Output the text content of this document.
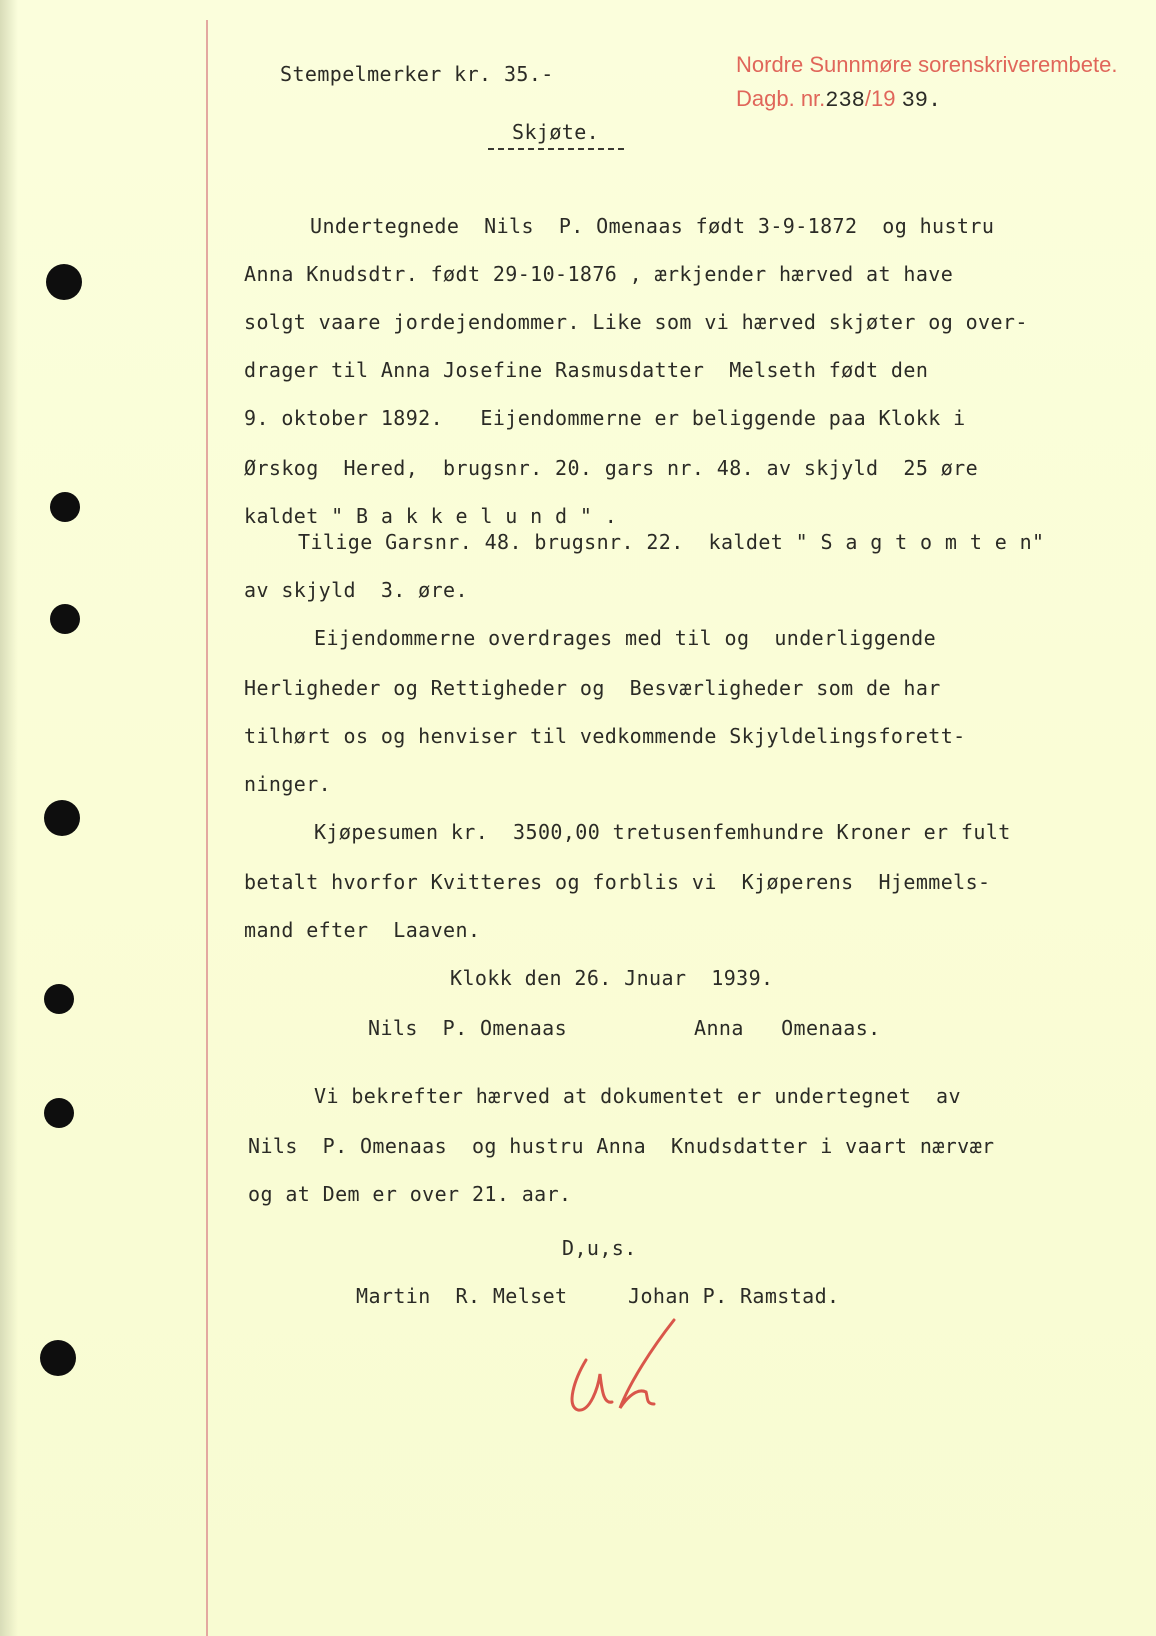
Stempelmerker kr. 35.-	Nordre Sunnmøre sorenskriverembete.
Dagb. nr.238/19 39.

Skjøte.

Undertegnede  Nils  P. Omenaas født 3-9-1872  og hustru

Anna Knudsdtr. født 29-10-1876 , ærkjender hærved at have

solgt vaare jordejendommer. Like som vi hærved skjøter og over-

drager til Anna Josefine Rasmusdatter  Melseth født den

9. oktober 1892.   Eijendommerne er beliggende paa Klokk i

Ørskog  Hered,  brugsnr. 20. gars nr. 48. av skjyld  25 øre

kaldet " B a k k e l u n d " .

Tilige Garsnr. 48. brugsnr. 22.  kaldet " S a g t o m t e n"

av skjyld  3. øre.

Eijendommerne overdrages med til og  underliggende

Herligheder og Rettigheder og  Besværligheder som de har

tilhørt os og henviser til vedkommende Skjyldelingsforett-

ninger.

Kjøpesumen kr.  3500,00 tretusenfemhundre Kroner er fult

betalt hvorfor Kvitteres og forblis vi  Kjøperens  Hjemmels-

mand efter  Laaven.

Klokk den 26. Jnuar  1939.

Nils  P. Omenaas	Anna   Omenaas.

Vi bekrefter hærved at dokumentet er undertegnet  av

Nils  P. Omenaas  og hustru Anna  Knudsdatter i vaart nærvær

og at Dem er over 21. aar.

D,u,s.

Martin  R. Melset	Johan P. Ramstad.
